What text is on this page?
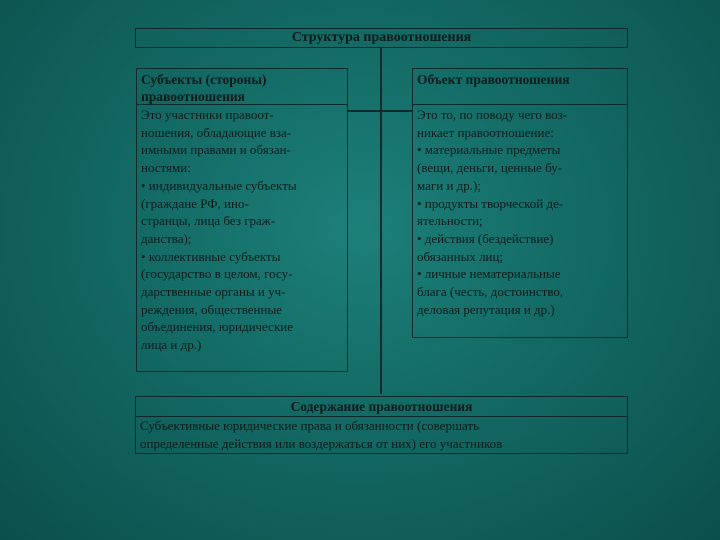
Структура правоотношения
Субъекты (стороны) правоотношения
Это участники правоот-
ношения, обладающие вза-
имными правами и обязан-
ностями:
• индивидуальные субъекты
(граждане РФ, ино-
странцы, лица без граж-
данства);
• коллективные субъекты
(государство в целом, госу-
дарственные органы и уч-
реждения, общественные
объединения, юридические
лица и др.)
Объект правоотношения
Это то, по поводу чего воз-
никает правоотношение:
• материальные предметы
(вещи, деньги, ценные бу-
маги и др.);
• продукты творческой де-
ятельности;
• действия (бездействие)
обязанных лиц;
• личные нематериальные
блага (честь, достоинство,
деловая репутация и др.)
Содержание правоотношения
Субъективные юридические права и обязанности (совершать
определенные действия или воздержаться от них) его участников
